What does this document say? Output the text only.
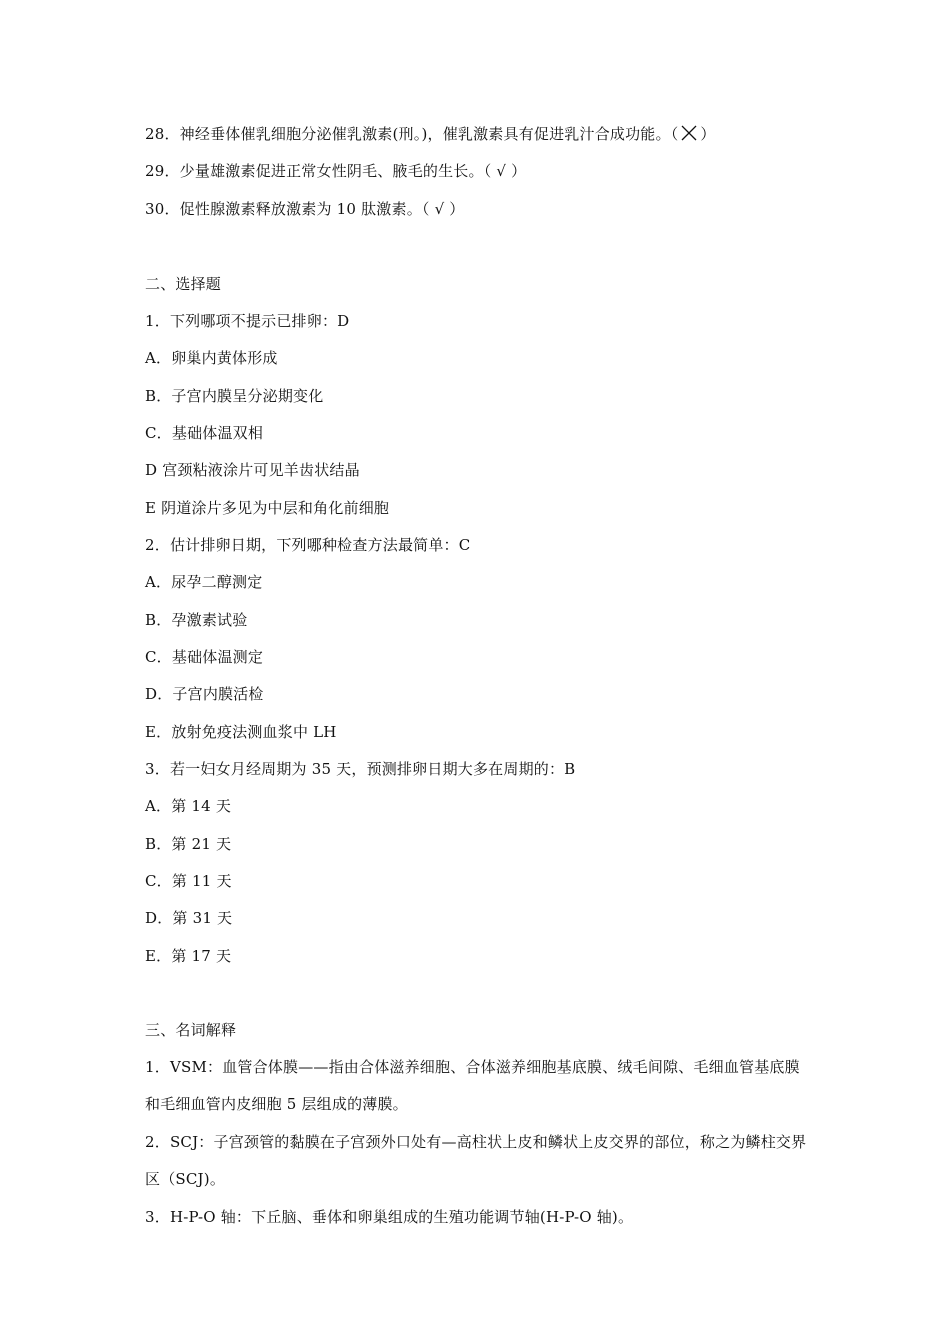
28．神经垂体催乳细胞分泌催乳激素(刑。)，催乳激素具有促进乳汁合成功能。（ ）
29．少量雄激素促进正常女性阴毛、腋毛的生长。（ √ ）
30．促性腺激素释放激素为 10 肽激素。（ √ ）
二、选择题
1．下列哪项不提示已排卵：D
A．卵巢内黄体形成
B．子宫内膜呈分泌期变化
C．基础体温双相
D 宫颈粘液涂片可见羊齿状结晶
E 阴道涂片多见为中层和角化前细胞
2．估计排卵日期，下列哪种检查方法最简单：C
A．尿孕二醇测定
B．孕激素试验
C．基础体温测定
D．子宫内膜活检
E．放射免疫法测血浆中 LH
3．若一妇女月经周期为 35 天，预测排卵日期大多在周期的：B
A．第 14 天
B．第 21 天
C．第 11 天
D．第 31 天
E．第 17 天
三、名词解释
1．VSM：血管合体膜——指由合体滋养细胞、合体滋养细胞基底膜、绒毛间隙、毛细血管基底膜和毛细血管内皮细胞 5 层组成的薄膜。
2．SCJ：子宫颈管的黏膜在子宫颈外口处有—高柱状上皮和鳞状上皮交界的部位，称之为鳞柱交界区（SCJ)。
3．H-P-O 轴：下丘脑、垂体和卵巢组成的生殖功能调节轴(H-P-O 轴)。
